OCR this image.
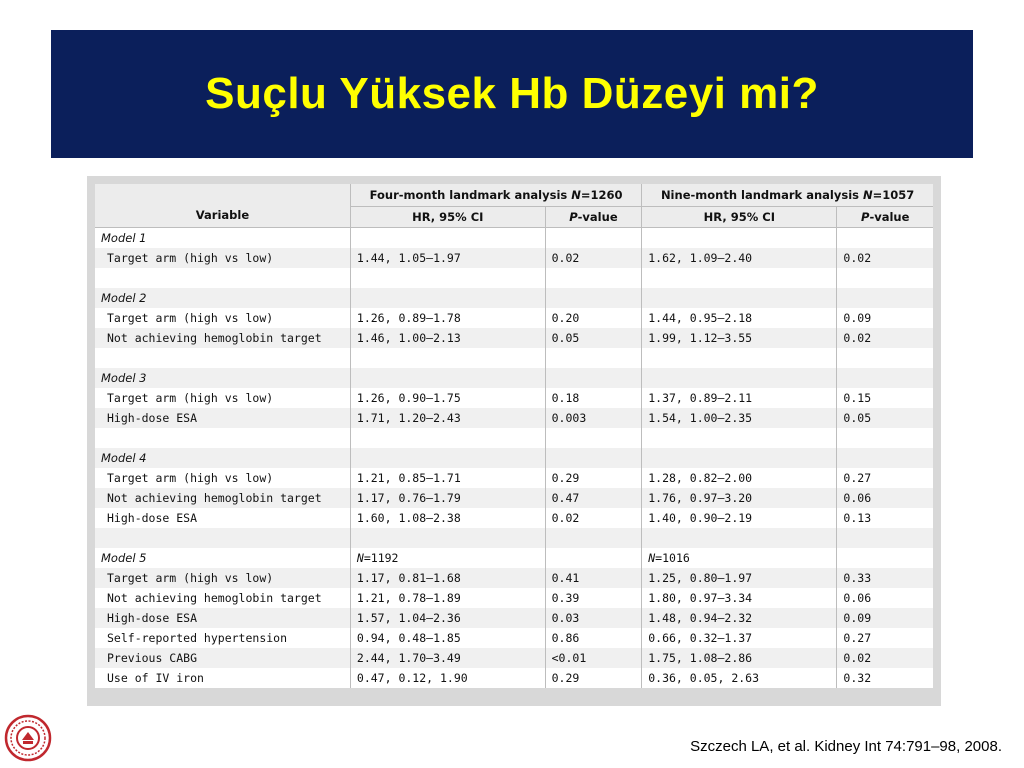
Suçlu Yüksek Hb Düzeyi mi?
Variable	Four-month landmark analysis N=1260		Nine-month landmark analysis N=1057	
	HR, 95% CI	P-value	HR, 95% CI	P-value
Model 1				
Target arm (high vs low)	1.44, 1.05–1.97	0.02	1.62, 1.09–2.40	0.02

Model 2				
Target arm (high vs low)	1.26, 0.89–1.78	0.20	1.44, 0.95–2.18	0.09
Not achieving hemoglobin target	1.46, 1.00–2.13	0.05	1.99, 1.12–3.55	0.02

Model 3				
Target arm (high vs low)	1.26, 0.90–1.75	0.18	1.37, 0.89–2.11	0.15
High-dose ESA	1.71, 1.20–2.43	0.003	1.54, 1.00–2.35	0.05

Model 4				
Target arm (high vs low)	1.21, 0.85–1.71	0.29	1.28, 0.82–2.00	0.27
Not achieving hemoglobin target	1.17, 0.76–1.79	0.47	1.76, 0.97–3.20	0.06
High-dose ESA	1.60, 1.08–2.38	0.02	1.40, 0.90–2.19	0.13

Model 5	N=1192		N=1016	
Target arm (high vs low)	1.17, 0.81–1.68	0.41	1.25, 0.80–1.97	0.33
Not achieving hemoglobin target	1.21, 0.78–1.89	0.39	1.80, 0.97–3.34	0.06
High-dose ESA	1.57, 1.04–2.36	0.03	1.48, 0.94–2.32	0.09
Self-reported hypertension	0.94, 0.48–1.85	0.86	0.66, 0.32–1.37	0.27
Previous CABG	2.44, 1.70–3.49	<0.01	1.75, 1.08–2.86	0.02
Use of IV iron	0.47, 0.12, 1.90	0.29	0.36, 0.05, 2.63	0.32
Szczech LA, et al. Kidney Int 74:791–98, 2008.
